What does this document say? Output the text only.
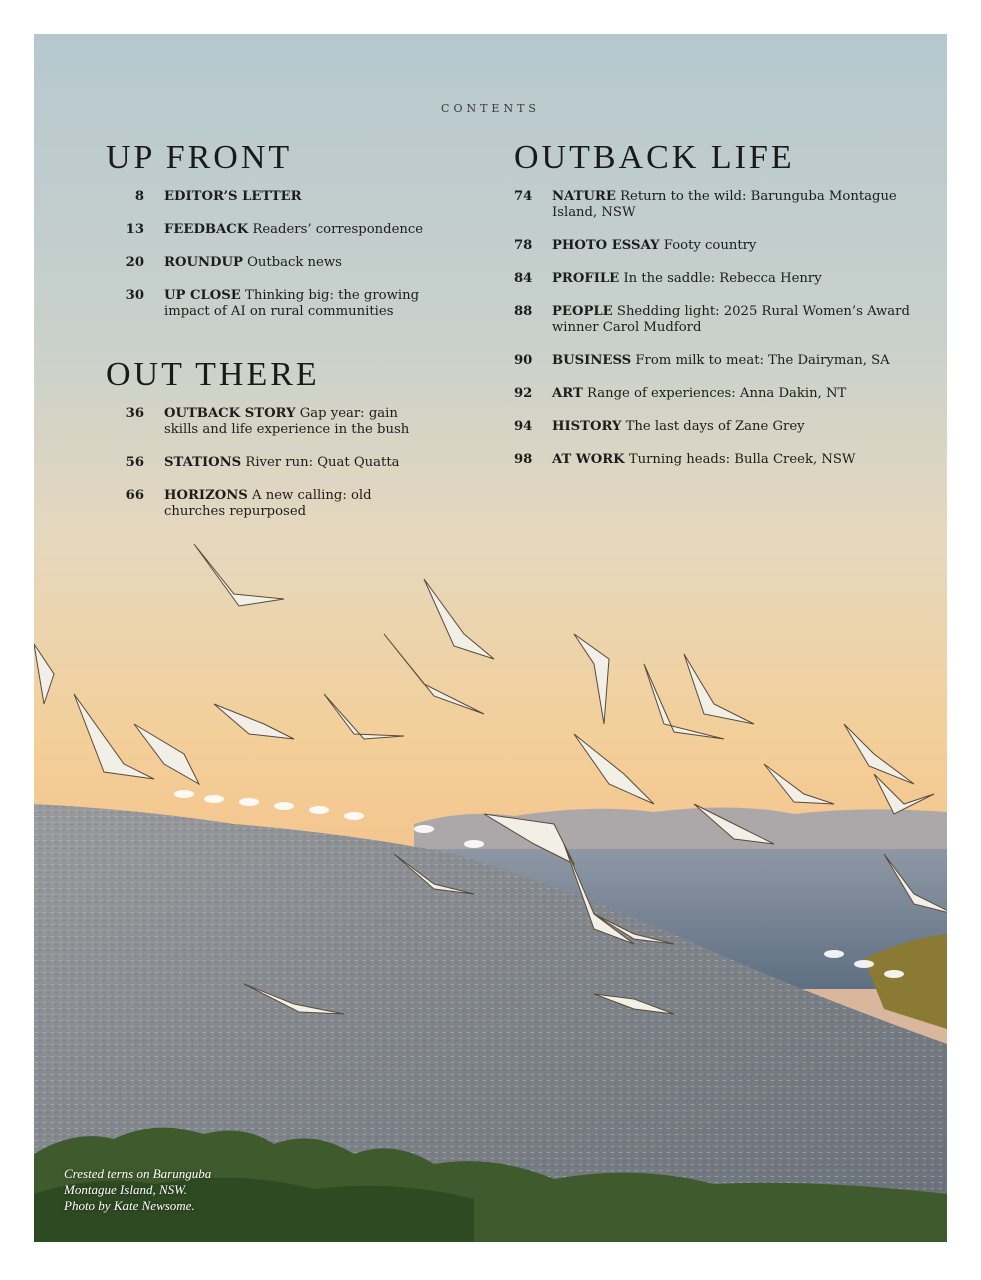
CONTENTS
UP FRONT
8	EDITOR’S LETTER
13	FEEDBACK Readers’ correspondence
20	ROUNDUP Outback news
30	UP CLOSE Thinking big: the growing impact of AI on rural communities
OUT THERE
36	OUTBACK STORY Gap year: gain skills and life experience in the bush
56	STATIONS River run: Quat Quatta
66	HORIZONS A new calling: old churches repurposed
OUTBACK LIFE
74	NATURE Return to the wild: Barunguba Montague Island, NSW
78	PHOTO ESSAY Footy country
84	PROFILE In the saddle: Rebecca Henry
88	PEOPLE Shedding light: 2025 Rural Women’s Award winner Carol Mudford
90	BUSINESS From milk to meat: The Dairyman, SA
92	ART Range of experiences: Anna Dakin, NT
94	HISTORY The last days of Zane Grey
98	AT WORK Turning heads: Bulla Creek, NSW
Crested terns on Barunguba
Montague Island, NSW.
Photo by Kate Newsome.
